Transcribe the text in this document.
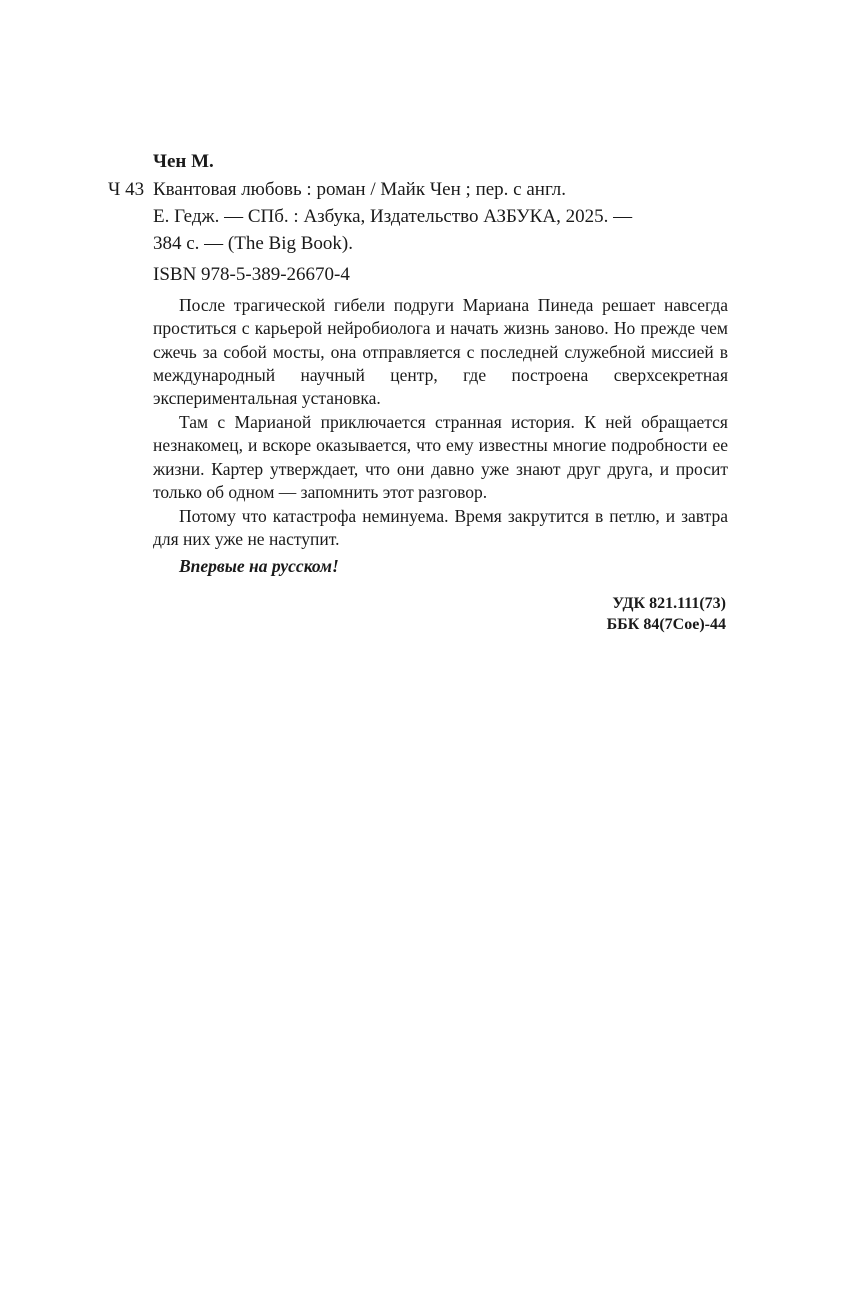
Чен М.
Ч 43 Квантовая любовь : роман / Майк Чен ; пер. с англ.
Е. Гедж. — СПб. : Азбука, Издательство АЗБУКА, 2025. —
384 с. — (The Big Book).
ISBN 978-5-389-26670-4

После трагической гибели подруги Мариана Пинеда решает навсегда проститься с карьерой нейробиолога и начать жизнь заново. Но прежде чем сжечь за собой мосты, она отправляется с последней служебной миссией в международный научный центр, где построена сверхсекретная экспериментальная установка.

Там с Марианой приключается странная история. К ней обращается незнакомец, и вскоре оказывается, что ему известны многие подробности ее жизни. Картер утверждает, что они давно уже знают друг друга, и просит только об одном — запомнить этот разговор.

Потому что катастрофа неминуема. Время закрутится в петлю, и завтра для них уже не наступит.

Впервые на русском!
УДК 821.111(73)
ББК 84(7Сое)-44
